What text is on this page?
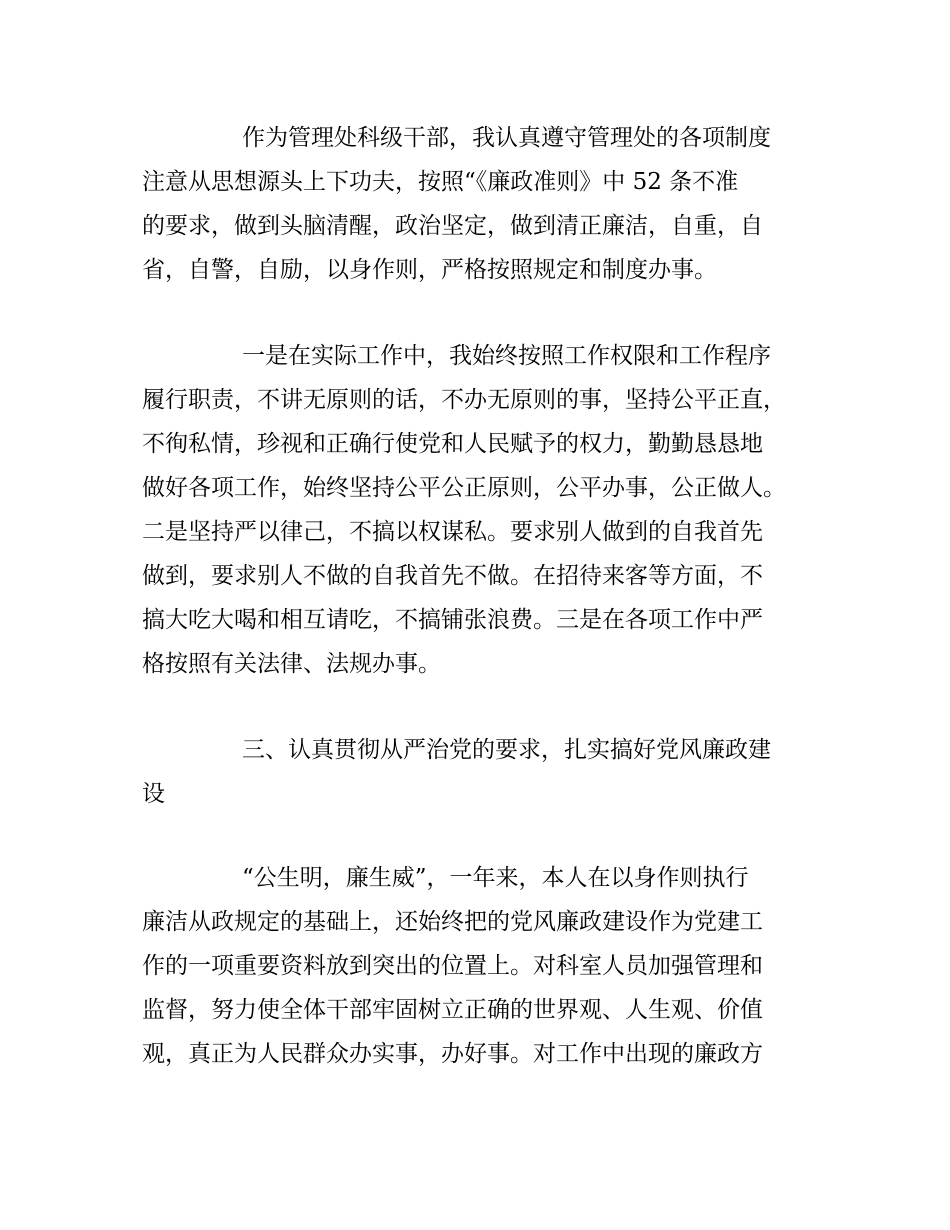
作为管理处科级干部，我认真遵守管理处的各项制度
注意从思想源头上下功夫，按照“《廉政准则》中 52 条不准
的要求，做到头脑清醒，政治坚定，做到清正廉洁，自重，自
省，自警，自励，以身作则，严格按照规定和制度办事。
一是在实际工作中，我始终按照工作权限和工作程序
履行职责，不讲无原则的话，不办无原则的事，坚持公平正直，
不徇私情，珍视和正确行使党和人民赋予的权力，勤勤恳恳地
做好各项工作，始终坚持公平公正原则，公平办事，公正做人。
二是坚持严以律己，不搞以权谋私。要求别人做到的自我首先
做到，要求别人不做的自我首先不做。在招待来客等方面，不
搞大吃大喝和相互请吃，不搞铺张浪费。三是在各项工作中严
格按照有关法律、法规办事。
三、认真贯彻从严治党的要求，扎实搞好党风廉政建
设
“公生明，廉生威”，一年来，本人在以身作则执行
廉洁从政规定的基础上，还始终把的党风廉政建设作为党建工
作的一项重要资料放到突出的位置上。对科室人员加强管理和
监督，努力使全体干部牢固树立正确的世界观、人生观、价值
观，真正为人民群众办实事，办好事。对工作中出现的廉政方
